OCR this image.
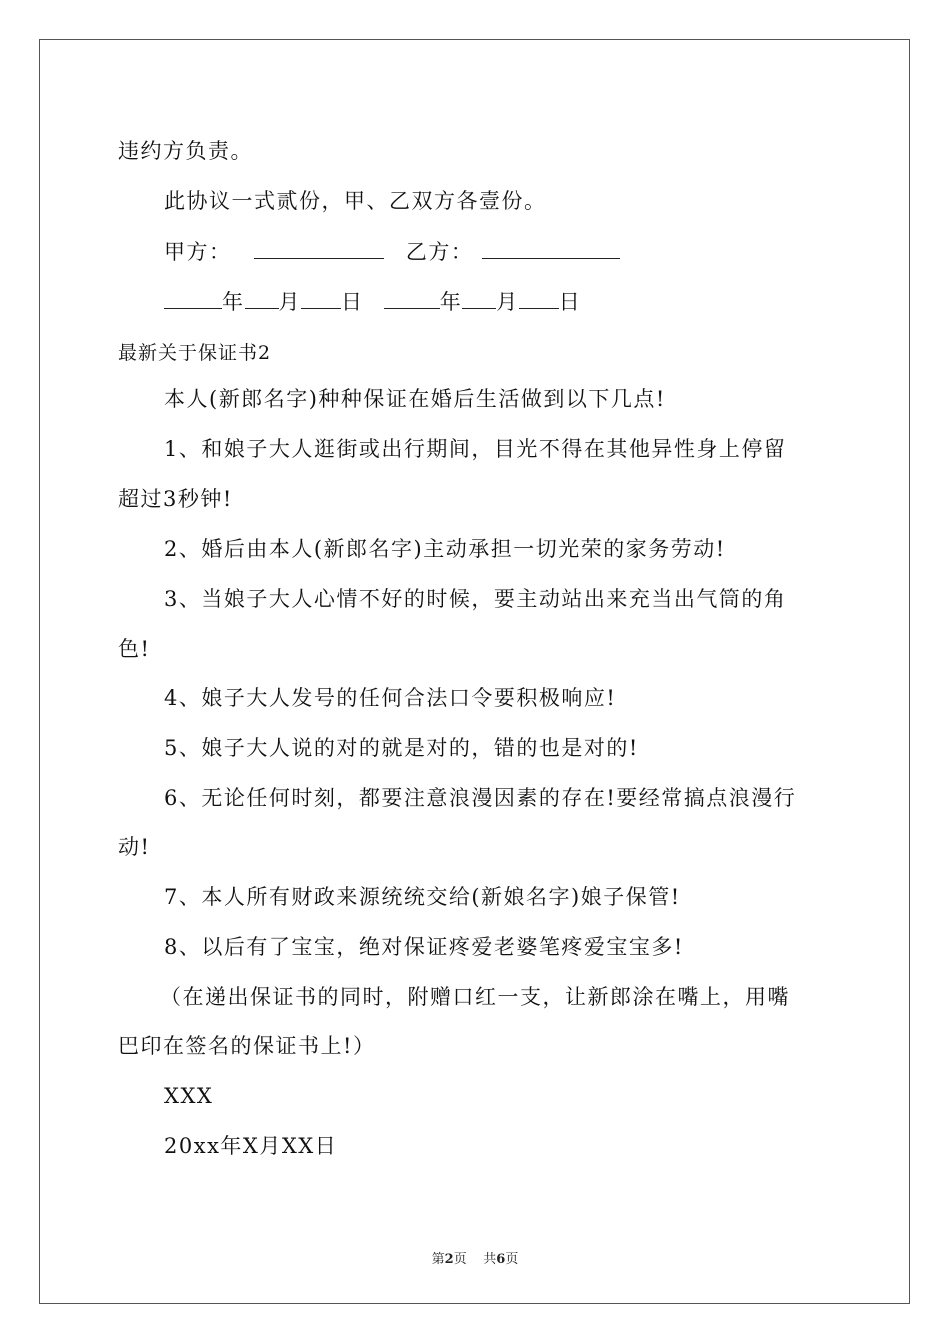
违约方负责。
此协议一式贰份，甲、乙双方各壹份。
甲方：	乙方：
年 月 日	年 月 日
最新关于保证书2
本人(新郎名字)种种保证在婚后生活做到以下几点!
1、和娘子大人逛街或出行期间，目光不得在其他异性身上停留
超过3秒钟!
2、婚后由本人(新郎名字)主动承担一切光荣的家务劳动!
3、当娘子大人心情不好的时候，要主动站出来充当出气筒的角
色!
4、娘子大人发号的任何合法口令要积极响应!
5、娘子大人说的对的就是对的，错的也是对的!
6、无论任何时刻，都要注意浪漫因素的存在!要经常搞点浪漫行
动!
7、本人所有财政来源统统交给(新娘名字)娘子保管!
8、以后有了宝宝，绝对保证疼爱老婆笔疼爱宝宝多!
（在递出保证书的同时，附赠口红一支，让新郎涂在嘴上，用嘴
巴印在签名的保证书上!）
XXX
20xx年X月XX日
第2页 共6页
